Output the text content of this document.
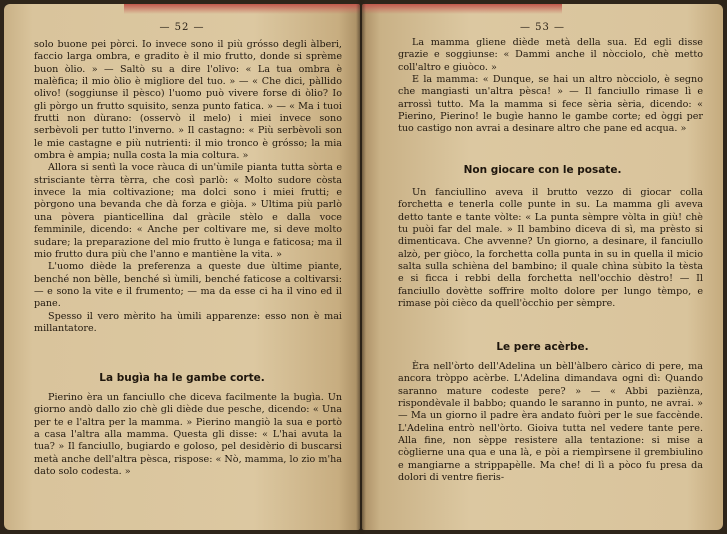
— 52 —

solo buone pei pòrci. Io invece sono il più grósso degli àlberi, faccio larga ombra, e gradito è il mio frutto, donde si sprème buon òlio. » — Saltò su a dire l'olivo: « La tua ombra è malèfica; il mio òlio è migliore del tuo. » — « Che dici, pàllido olivo! (soggiunse il pèsco) l'uomo può vivere forse di òlio? Io gli pòrgo un frutto squisito, senza punto fatica. » — « Ma i tuoi frutti non dùrano: (osservò il melo) i miei invece sono serbèvoli per tutto l'inverno. » Il castagno: « Più serbèvoli son le mie castagne e più nutrienti: il mio tronco è grósso; la mia ombra è ampia; nulla costa la mia coltura. »

Allora si sentì la voce ràuca di un'ùmile pianta tutta sòrta e strisciante tèrra tèrra, che così parlò: « Molto sudore còsta invece la mia coltivazione; ma dolci sono i miei frutti; e pòrgono una bevanda che dà forza e giòja. » Ultima più parlò una pòvera pianticellina dal gràcile stèlo e dalla voce femminile, dicendo: « Anche per coltivare me, si deve molto sudare; la preparazione del mio frutto è lunga e faticosa; ma il mio frutto dura più che l'anno e mantiène la vita. »

L'uomo diède la preferenza a queste due ùltime piante, benché non bèlle, benché sì ùmili, benché faticose a coltivarsi: — e sono la vite e il frumento; — ma da esse ci ha il vino ed il pane.

Spesso il vero mèrito ha ùmili apparenze: esso non è mai millantatore.

La bugìa ha le gambe corte.

Pierino èra un fanciullo che diceva facilmente la bugìa. Un giorno andò dallo zio chè gli diède due pesche, dicendo: « Una per te e l'altra per la mamma. » Pierino mangiò la sua e portò a casa l'altra alla mamma. Questa gli disse: « L'hai avuta la tua? » Il fanciullo, bugiardo e goloso, pel desidèrio di buscarsi metà anche dell'altra pèsca, rispose: « Nò, mamma, lo zio m'ha dato solo codesta. »

— 53 —

La mamma gliene diède metà della sua. Ed egli disse grazie e soggiunse: « Dammi anche il nòcciolo, chè metto coll'altro e giuòco. »

E la mamma: « Dunque, se hai un altro nòcciolo, è segno che mangiasti un'altra pèsca! » — Il fanciullo rimase lì e arrossì tutto. Ma la mamma si fece sèria sèria, dicendo: « Pierino, Pierino! le bugìe hanno le gambe corte; ed òggi per tuo castigo non avrai a desinare altro che pane ed acqua. »

Non giocare con le posate.

Un fanciullino aveva il brutto vezzo di giocar colla forchetta e tenerla colle punte in su. La mamma gli aveva detto tante e tante vòlte: « La punta sèmpre vòlta in giù! chè tu puòi far del male. » Il bambino diceva di sì, ma prèsto si dimenticava. Che avvenne? Un giorno, a desinare, il fanciullo alzò, per giòco, la forchetta colla punta in su in quella il micio salta sulla schièna del bambino; il quale chìna sùbito la tèsta e si ficca i rebbi della forchetta nell'occhio dèstro! — Il fanciullo dovètte soffrire molto dolore per lungo tèmpo, e rimase pòi cièco da quell'òcchio per sèmpre.

Le pere acèrbe.

Èra nell'òrto dell'Adelina un bèll'àlbero càrico di pere, ma ancora tròppo acèrbe. L'Adelina dimandava ogni dì: Quando saranno mature codeste pere? » — « Abbi paziènza, rispondèvale il babbo; quando le saranno in punto, ne avrai. » — Ma un giorno il padre èra andato fuòri per le sue faccènde. L'Adelina entrò nell'òrto. Gioiva tutta nel vedere tante pere. Alla fine, non sèppe resistere alla tentazione: si mise a còglierne una qua e una là, e pòi a riempìrsene il grembiulino e mangiarne a strippapèlle. Ma che! di lì a pòco fu presa da dolori di ventre fieris-
